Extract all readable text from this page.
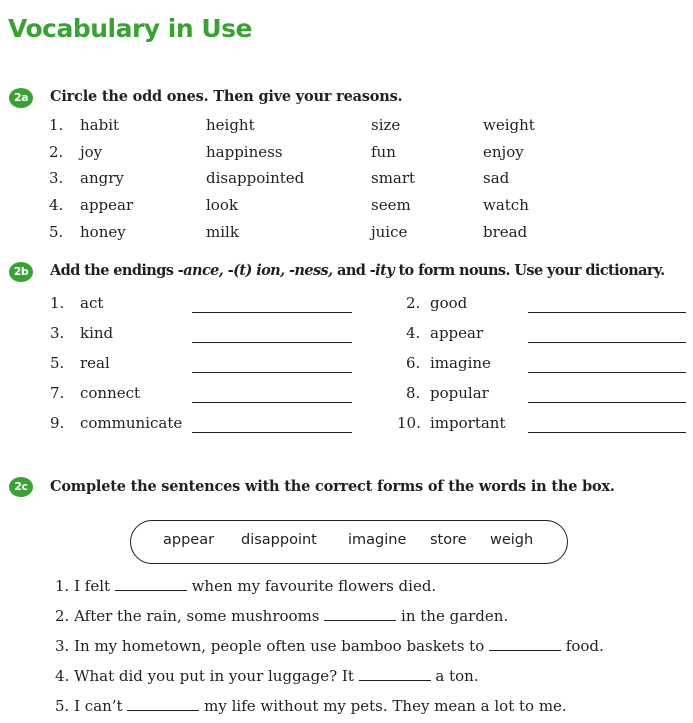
Vocabulary in Use
2a	Circle the odd ones. Then give your reasons.
1. habit	height	size	weight
2. joy	happiness	fun	enjoy
3. angry	disappointed	smart	sad
4. appear	look	seem	watch
5. honey	milk	juice	bread
2b	Add the endings -ance, -(t) ion, -ness, and -ity to form nouns. Use your dictionary.
1. act	2. good
3. kind	4. appear
5. real	6. imagine
7. connect	8. popular
9. communicate	10. important
2c	Complete the sentences with the correct forms of the words in the box.
appear disappoint imagine store weigh
1. I felt	when my favourite flowers died.
2. After the rain, some mushrooms	in the garden.
3. In my hometown, people often use bamboo baskets to	food.
4. What did you put in your luggage? It	a ton.
5. I can’t	my life without my pets. They mean a lot to me.
